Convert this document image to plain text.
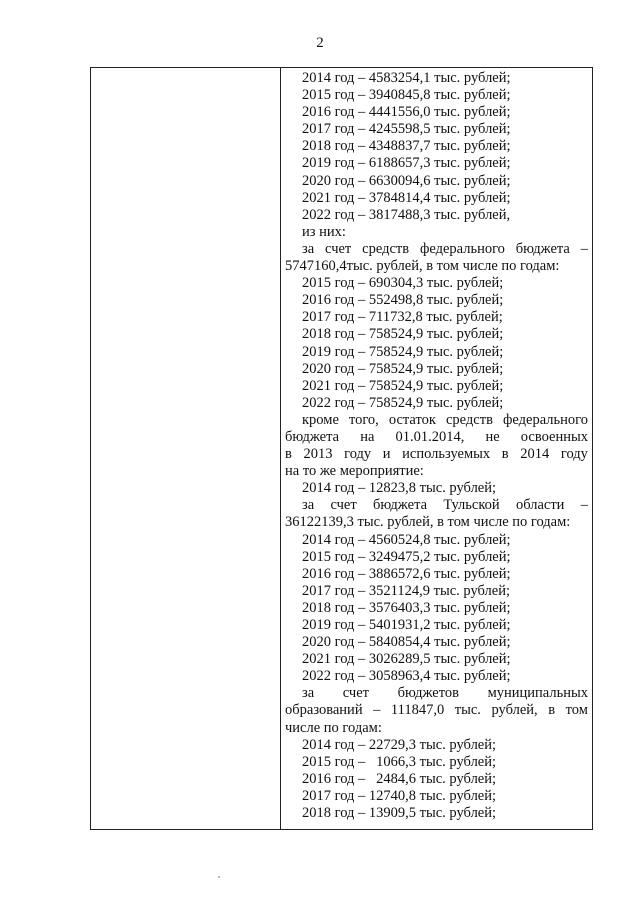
2
2014 год – 4583254,1 тыс. рублей;
2015 год – 3940845,8 тыс. рублей;
2016 год – 4441556,0 тыс. рублей;
2017 год – 4245598,5 тыс. рублей;
2018 год – 4348837,7 тыс. рублей;
2019 год – 6188657,3 тыс. рублей;
2020 год – 6630094,6 тыс. рублей;
2021 год – 3784814,4 тыс. рублей;
2022 год – 3817488,3 тыс. рублей,
из них:
за счет средств федерального бюджета –
5747160,4тыс. рублей, в том числе по годам:
2015 год – 690304,3 тыс. рублей;
2016 год – 552498,8 тыс. рублей;
2017 год – 711732,8 тыс. рублей;
2018 год – 758524,9 тыс. рублей;
2019 год – 758524,9 тыс. рублей;
2020 год – 758524,9 тыс. рублей;
2021 год – 758524,9 тыс. рублей;
2022 год – 758524,9 тыс. рублей;
кроме того, остаток средств федерального
бюджета на 01.01.2014, не освоенных
в 2013 году и используемых в 2014 году
на то же мероприятие:
2014 год – 12823,8 тыс. рублей;
за счет бюджета Тульской области –
36122139,3 тыс. рублей, в том числе по годам:
2014 год – 4560524,8 тыс. рублей;
2015 год – 3249475,2 тыс. рублей;
2016 год – 3886572,6 тыс. рублей;
2017 год – 3521124,9 тыс. рублей;
2018 год – 3576403,3 тыс. рублей;
2019 год – 5401931,2 тыс. рублей;
2020 год – 5840854,4 тыс. рублей;
2021 год – 3026289,5 тыс. рублей;
2022 год – 3058963,4 тыс. рублей;
за счет бюджетов муниципальных
образований – 111847,0 тыс. рублей, в том
числе по годам:
2014 год – 22729,3 тыс. рублей;
2015 год –   1066,3 тыс. рублей;
2016 год –   2484,6 тыс. рублей;
2017 год – 12740,8 тыс. рублей;
2018 год – 13909,5 тыс. рублей;
